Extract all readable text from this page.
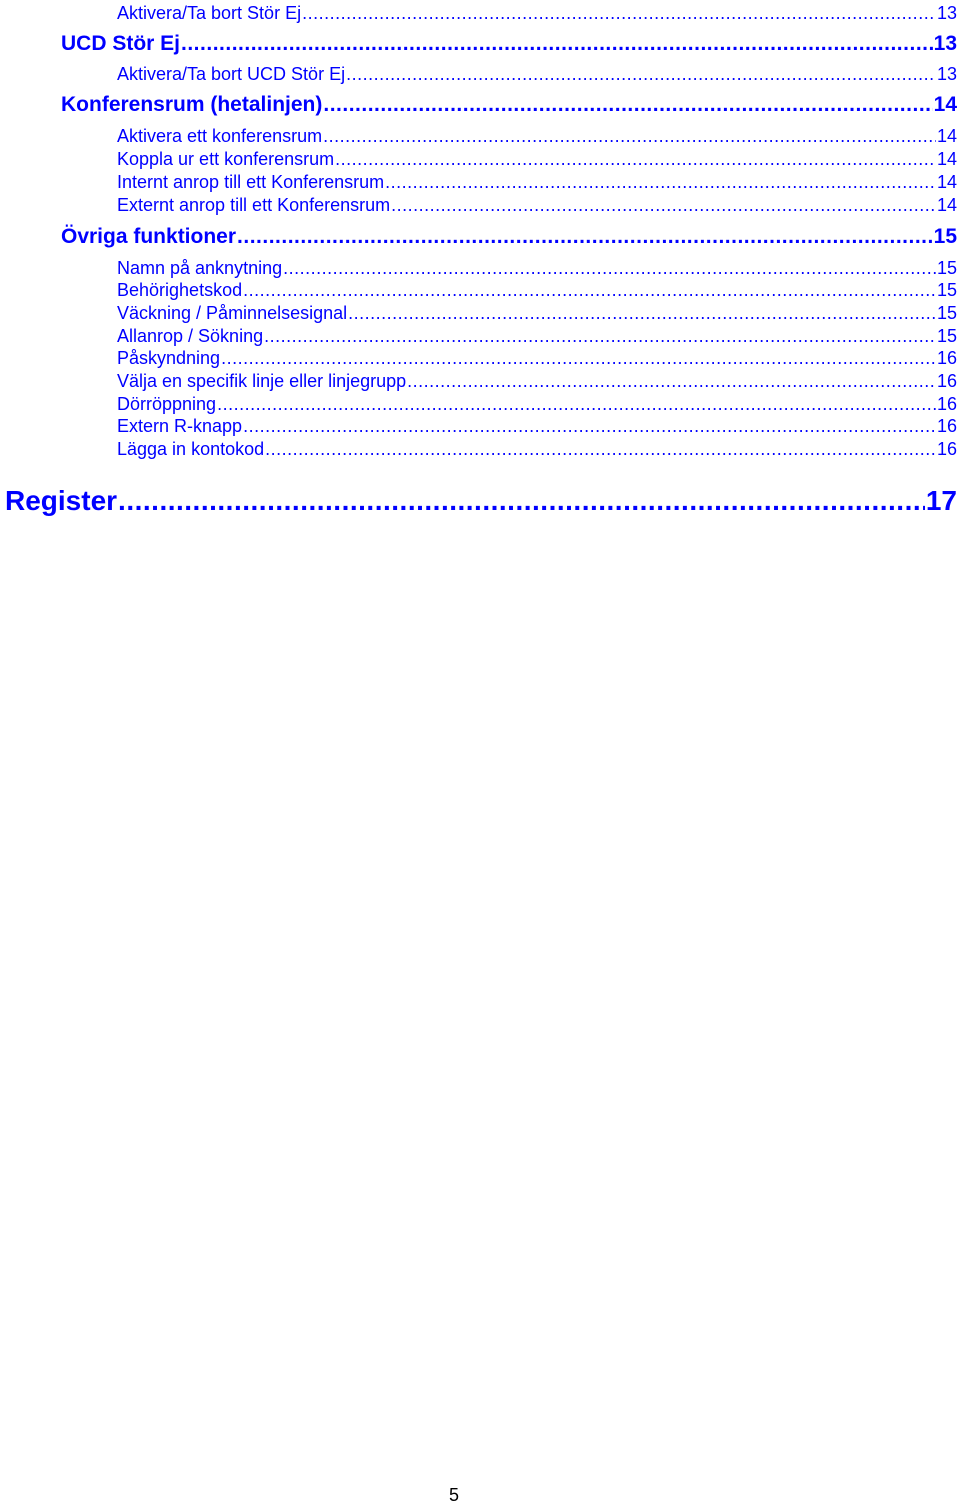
Aktivera/Ta bort Stör Ej .....	13
UCD Stör Ej .....	13
Aktivera/Ta bort UCD Stör Ej .....	13
Konferensrum (hetalinjen) .....	14
Aktivera ett konferensrum .....	14
Koppla ur ett konferensrum .....	14
Internt anrop till ett Konferensrum .....	14
Externt anrop till ett Konferensrum .....	14
Övriga funktioner .....	15
Namn på anknytning .....	15
Behörighetskod .....	15
Väckning / Påminnelsesignal .....	15
Allanrop / Sökning .....	15
Påskyndning .....	16
Välja en specifik linje eller linjegrupp .....	16
Dörröppning .....	16
Extern R-knapp .....	16
Lägga in kontokod .....	16
Register .....	17
5
